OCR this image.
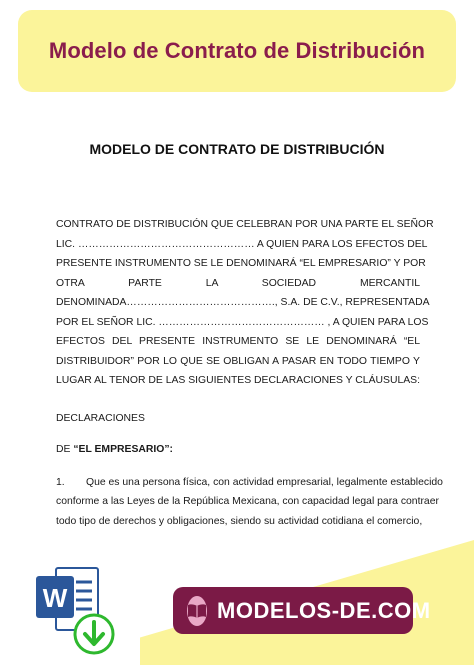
Modelo de Contrato de Distribución
MODELO DE CONTRATO DE DISTRIBUCIÓN
CONTRATO DE DISTRIBUCIÓN QUE CELEBRAN POR UNA PARTE EL SEÑOR
LIC. …………………………………………… A QUIEN PARA LOS EFECTOS DEL
PRESENTE INSTRUMENTO SE LE DENOMINARÁ “EL EMPRESARIO” Y POR
OTRA PARTE LA SOCIEDAD MERCANTIL
DENOMINADA……………………………………., S.A. DE C.V., REPRESENTADA
POR EL SEÑOR LIC. ………………………………………… , A QUIEN PARA LOS
EFECTOS DEL PRESENTE INSTRUMENTO SE LE DENOMINARÁ “EL
DISTRIBUIDOR” POR LO QUE SE OBLIGAN A PASAR EN TODO TIEMPO Y
LUGAR AL TENOR DE LAS SIGUIENTES DECLARACIONES Y CLÁUSULAS:
DECLARACIONES
DE “EL EMPRESARIO”:
1. Que es una persona física, con actividad empresarial, legalmente establecido
conforme a las Leyes de la República Mexicana, con capacidad legal para contraer
todo tipo de derechos y obligaciones, siendo su actividad cotidiana el comercio,
W	MODELOS-DE.COM
